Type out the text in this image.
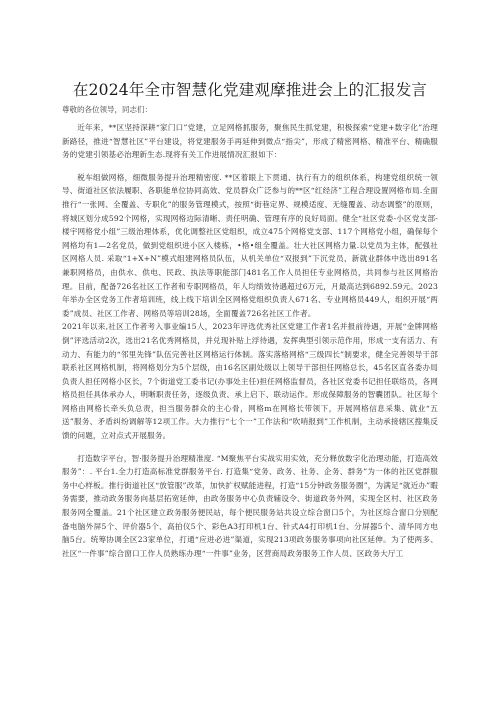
在2024年全市智慧化党建观摩推进会上的汇报发言

尊敬的各位领导，同志们：

近年来，**区坚持深耕“家门口”党建，立足网格抓服务，聚焦民生抓党建，积极探索“党建+数字化”治理新路径，推进“智慧社区”平台建设，将党建服务手再延伸到微点“指尖”，形成了精密网格、精准平台、精确服务的党建引领基必治理新生态.现将有关工作进展情况汇报如下：

税车组做网格，细微服务提升治理精密度. **区着眼上下贯通、执行有力的组织体系，构建党组织统一领导、街道社区依法履职、各职能单位协同高效、党员群众广泛参与的**区“红经济”工程合理设置网格布局.全面推行“一张网、全覆盖、专职化”的服务管理模式，按照“街巷定界、规模适度、无缝覆盖、动态调整”的原则，将城区划分成592个网格，实现网格边际清晰、责任明确、管理有序的良好局面。健全“社区党委-小区党支部-楼宇网格党小组”三级治理体系，优化调整社区党组织，成立475个网格党支部、117个网格党小组，确保每个网格均有1—2名党员，做到党组织进小区入楼栋，•格•组全覆盖。壮大社区网格力量.以党员为主体，配强社区网格人员. 采取“1+X+N”模式组建网格员队伍，从机关单位“双报到”下沉党员、新就业群体中选出891名兼职网格员，由供水、供电、民政、执法等职能部门481名工作人员担任专业网格员，共同参与社区网格治理。目前，配备726名社区工作者和专职网格员，年人均绩效待遇超过6万元，月最高达到6892.59元。2023年举办全区党务工作者培训班，线上线下培训全区网格党组织负责人671名、专业网格员449人，组织开展“两委”成员、社区工作者、网格员等培训28场，全面覆盖726名社区工作者。

2021年以来,社区工作者考入事业编15人，2023年评选优秀社区党建工作者1名并报前待遇，开展“金牌网格倒”评选活动2次，选出21名优秀网格员，并兑现补贴上浮待遇，发挥典型引领示范作用，形成一支有活力、有动力、有能力的“邻里先锋”队伍完善社区网格运行体制。落实落格网格“三级四长”制要求，健全完善领导干部联系社区网格机制，将网格划分为5个层级，由16名区副处级以上领导干部担任网格总长，45名区直各委办局负责人担任网格小区长，7个街道党工委书记(办事处主任)担任网格监督员，各社区党委书记担任联络员，各网格员担任具体承办人，明晰职责任务，逐级负责、承上启下、联动运作。形成保障服务的智囊团队。社区每个网格由网格长牵头负总责，担当服务群众的主心骨，网格m在网格长带领下，开展网格信息采集、就业“五送”服务、矛盾纠纷调解等12项工作。大力推行“七个一”工作法和“吹哨报到”工作机制，主动承接辖区搜集反馈的问题，立对点式开展服务。

打造数字平台，智·服务提升治理精准度. “M聚焦平台实战实用实效，充分释放数字化治理动能，打造高效服务”：. 平台1.全力打造高标准党群服务平台. 打造集“党务、政务、社务、企务、群务”为一体的社区党群服务中心样板。推行街道社区“放管服”改革，加快扩权赋能进程，打造“15分钟政务服务圈”，为满足“就近办”暇务需要，推动政务服务向基层拓宽延伸，由政务服务中心负责辅设令、街道政务外网，实现全区村、社区政务服务网全覆盖。21个社区建立政务服务便民站，每个便民服务站共设立综合窗口5个，为社区综合窗口分别配备电脑外屏5个、评价器5个、高拍仪5个、彩色A3打印机1台、针式A4打印机1台、分屏器5个、清华同方电脑5台。统筹协调全区23家单位，打通“应进必进”渠道，实现213项政务服务事项向社区延伸。为了使两多、社区“一件事”综合窗口工作人员熟练办理“一件事”业务，区营商局政务服务工作人员、区政务大厅工
